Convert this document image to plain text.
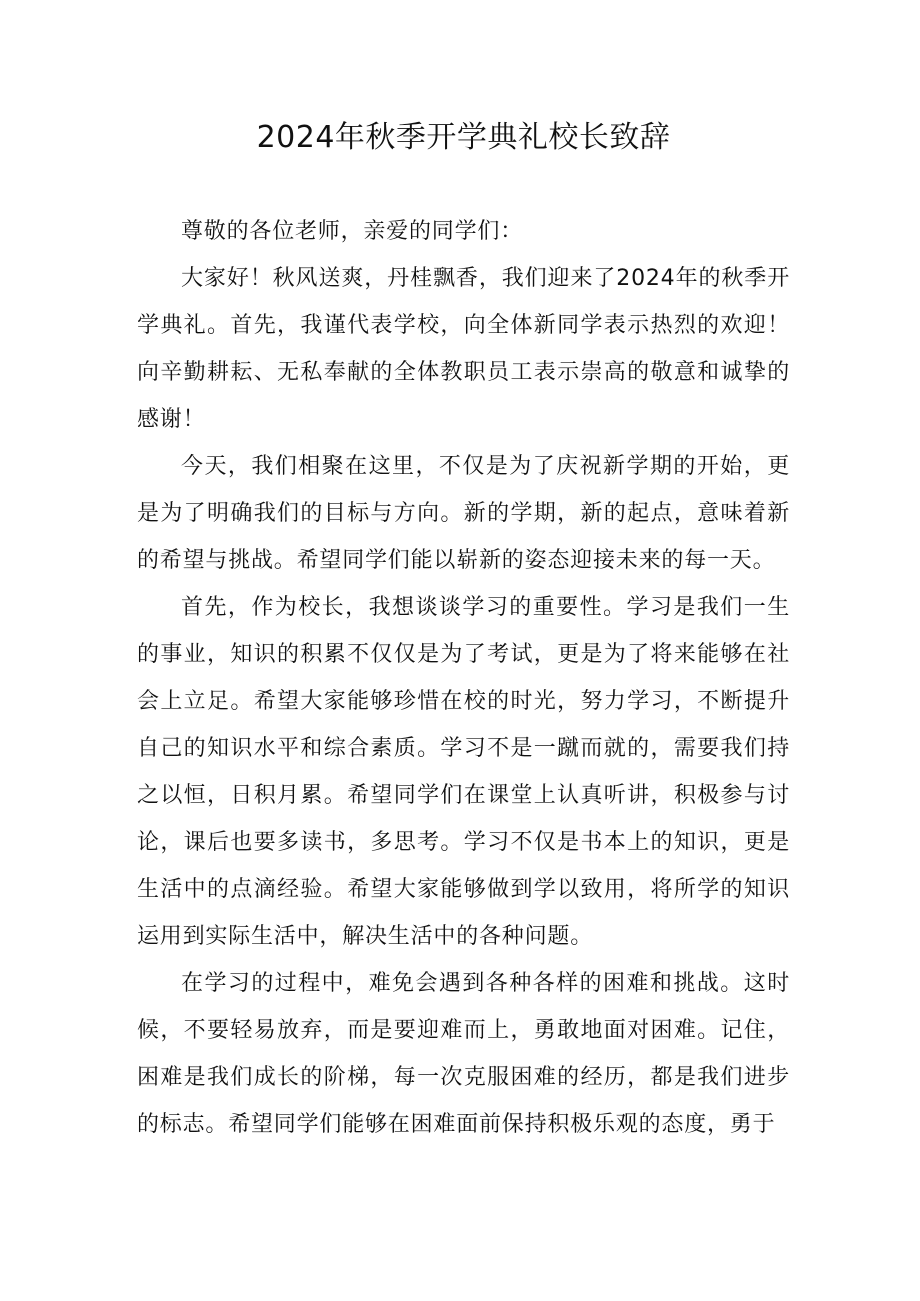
2024年秋季开学典礼校长致辞

尊敬的各位老师，亲爱的同学们：

大家好！秋风送爽，丹桂飘香，我们迎来了2024年的秋季开学典礼。首先，我谨代表学校，向全体新同学表示热烈的欢迎！向辛勤耕耘、无私奉献的全体教职员工表示崇高的敬意和诚挚的感谢！

今天，我们相聚在这里，不仅是为了庆祝新学期的开始，更是为了明确我们的目标与方向。新的学期，新的起点，意味着新的希望与挑战。希望同学们能以崭新的姿态迎接未来的每一天。

首先，作为校长，我想谈谈学习的重要性。学习是我们一生的事业，知识的积累不仅仅是为了考试，更是为了将来能够在社会上立足。希望大家能够珍惜在校的时光，努力学习，不断提升自己的知识水平和综合素质。学习不是一蹴而就的，需要我们持之以恒，日积月累。希望同学们在课堂上认真听讲，积极参与讨论，课后也要多读书，多思考。学习不仅是书本上的知识，更是生活中的点滴经验。希望大家能够做到学以致用，将所学的知识运用到实际生活中，解决生活中的各种问题。

在学习的过程中，难免会遇到各种各样的困难和挑战。这时候，不要轻易放弃，而是要迎难而上，勇敢地面对困难。记住，困难是我们成长的阶梯，每一次克服困难的经历，都是我们进步的标志。希望同学们能够在困难面前保持积极乐观的态度，勇于
